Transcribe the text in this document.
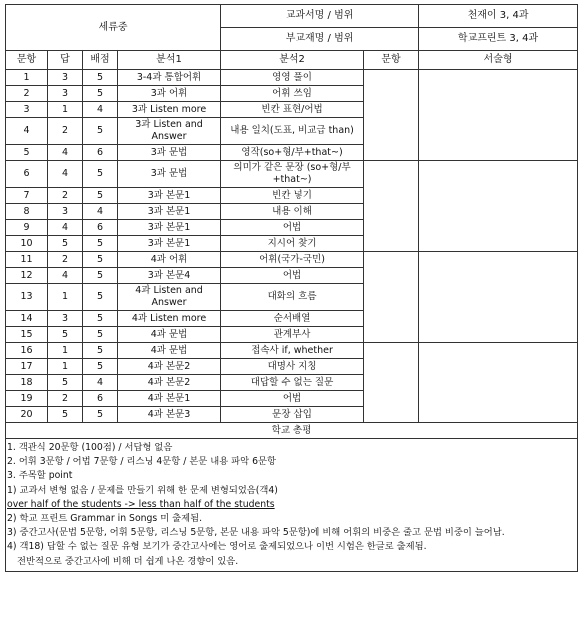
세류중				교과서명 / 범위		천재이 3, 4과
				부교재명 / 범위		학교프린트 3, 4과
문항	답	배점	분석1	분석2	문항	서술형
1	3	5	3-4과 통합어휘	영영 풀이		
2	3	5	3과 어휘	어휘 쓰임		
3	1	4	3과 Listen more	빈칸 표현/어법		
4	2	5	3과 Listen and Answer	내용 일치(도표, 비교급 than)		
5	4	6	3과 문법	영작(so+형/부+that~)		
6	4	5	3과 문법	의미가 같은 문장 (so+형/부+that~)		
7	2	5	3과 본문1	빈칸 넣기		
8	3	4	3과 본문1	내용 이해		
9	4	6	3과 본문1	어법		
10	5	5	3과 본문1	지시어 찾기		
11	2	5	4과 어휘	어휘(국가-국민)		
12	4	5	3과 본문4	어법		
13	1	5	4과 Listen and Answer	대화의 흐름		
14	3	5	4과 Listen more	순서배열		
15	5	5	4과 문법	관계부사		
16	1	5	4과 문법	접속사 if, whether		
17	1	5	4과 본문2	대명사 지칭		
18	5	4	4과 본문2	대답할 수 없는 질문		
19	2	6	4과 본문1	어법		
20	5	5	4과 본문3	문장 삽입		
학교 총평						
1. 객관식 20문항 (100점) / 서답형 없음
2. 어휘 3문항 / 어법 7문항 / 리스닝 4문항 / 본문 내용 파악 6문항
3. 주목할 point
1) 교과서 변형 없음 / 문제를 만들기 위해 한 문제 변형되었음(객4)
over half of the students -> less than half of the students
2) 학교 프린트 Grammar in Songs 미 출제됨.
3) 중간고사(문법 5문항, 어휘 5문항, 리스닝 5문항, 본문 내용 파악 5문항)에 비해 어휘의 비중은 줄고 문법 비중이 늘어남.
4) 객18) 답할 수 없는 질문 유형 보기가 중간고사에는 영어로 출제되었으나 이번 시험은 한글로 출제됨.
전반적으로 중간고사에 비해 더 쉽게 나온 경향이 있음.
